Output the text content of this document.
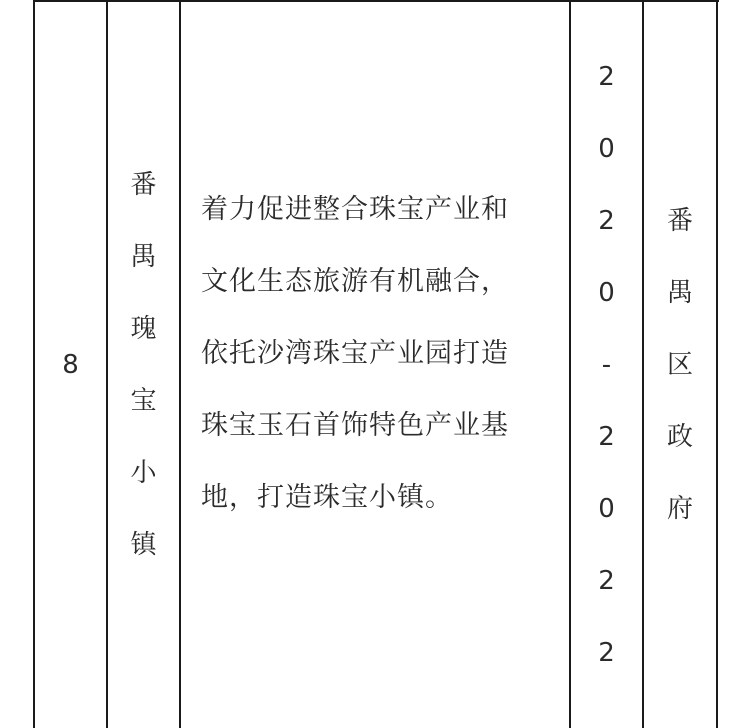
8
番
禺
瑰
宝
小
镇
着力促进整合珠宝产业和文化生态旅游有机融合，依托沙湾珠宝产业园打造珠宝玉石首饰特色产业基地，打造珠宝小镇。
2
0
2
0
-
2
0
2
2
番
禺
区
政
府
